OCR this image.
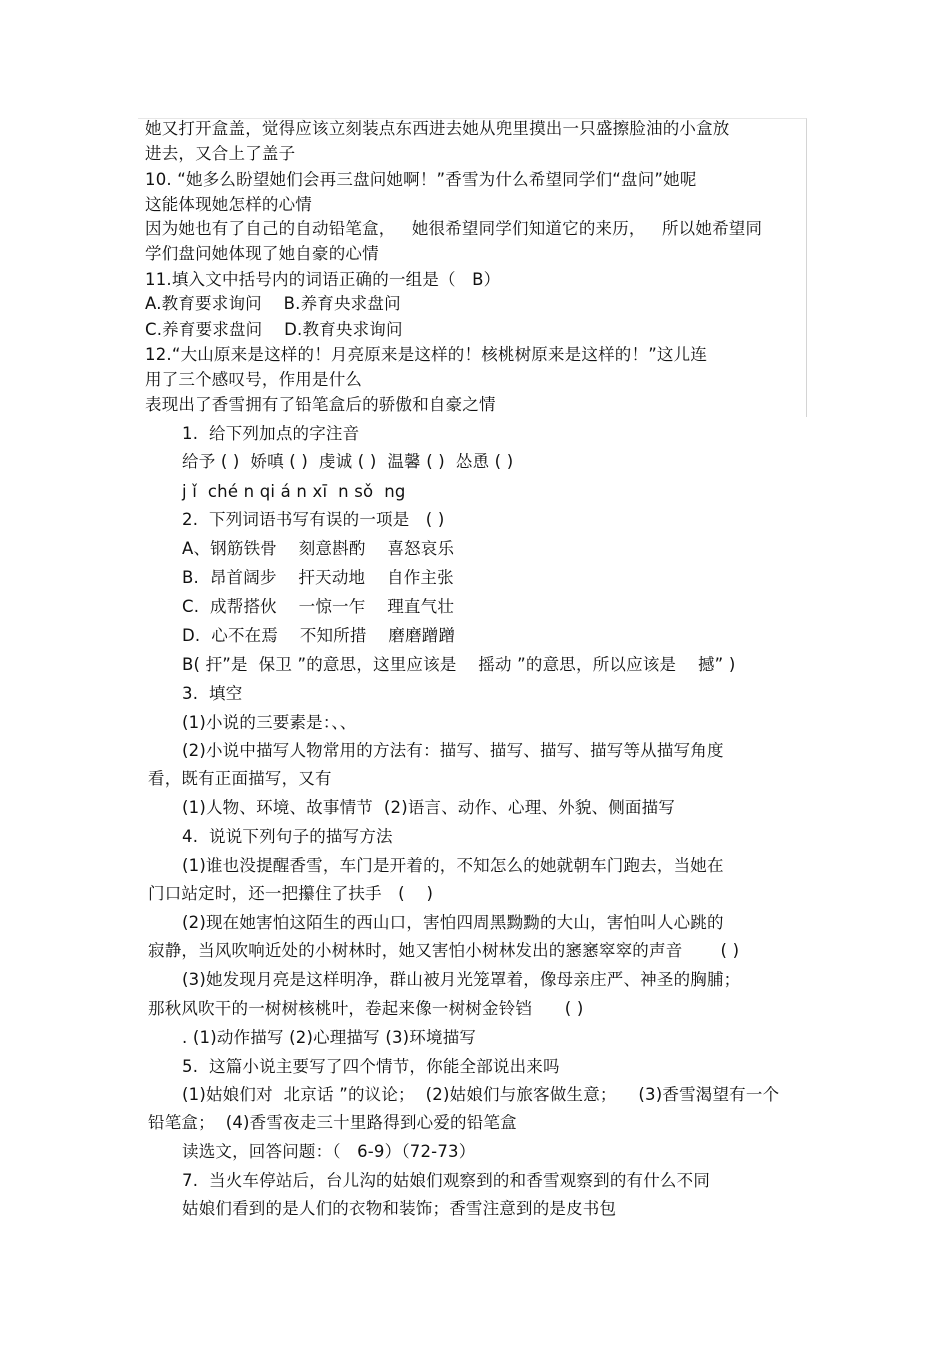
她又打开盒盖，觉得应该立刻装点东西进去她从兜里摸出一只盛擦脸油的小盒放
进去，又合上了盖子
10. “她多么盼望她们会再三盘问她啊！”香雪为什么希望同学们“盘问”她呢
这能体现她怎样的心情
因为她也有了自己的自动铅笔盒，   她很希望同学们知道它的来历，   所以她希望同
学们盘问她体现了她自豪的心情
11.填入文中括号内的词语正确的一组是（   B）
A.教育要求询问    B.养育央求盘问
C.养育要求盘问    D.教育央求询问
12.“大山原来是这样的！月亮原来是这样的！核桃树原来是这样的！”这儿连
用了三个感叹号，作用是什么
表现出了香雪拥有了铅笔盒后的骄傲和自豪之情
1.  给下列加点的字注音
给予 ( )  娇嗔 ( )  虔诚 ( )  温馨 ( )  怂恿 ( )
j ǐ  ché n qi á n xī  n sǒ  ng
2.  下列词语书写有误的一项是   ( )
A、钢筋铁骨    刻意斟酌    喜怒哀乐
B.  昂首阔步    扞天动地    自作主张
C.  成帮搭伙    一惊一乍    理直气壮
D.  心不在焉    不知所措    磨磨蹭蹭
B( 扞”是  保卫 ”的意思，这里应该是    摇动 ”的意思，所以应该是    撼” )
3.  填空
(1)小说的三要素是：、、
(2)小说中描写人物常用的方法有：描写、描写、描写、描写等从描写角度
看，既有正面描写，又有
(1)人物、环境、故事情节  (2)语言、动作、心理、外貌、侧面描写
4.  说说下列句子的描写方法
(1)谁也没提醒香雪，车门是开着的，不知怎么的她就朝车门跑去，当她在
门口站定时，还一把攥住了扶手   (    )
(2)现在她害怕这陌生的西山口，害怕四周黑黝黝的大山，害怕叫人心跳的
寂静，当风吹响近处的小树林时，她又害怕小树林发出的窸窸窣窣的声音       ( )
(3)她发现月亮是这样明净，群山被月光笼罩着，像母亲庄严、神圣的胸脯；
那秋风吹干的一树树核桃叶，卷起来像一树树金铃铛      ( )
. (1)动作描写 (2)心理描写 (3)环境描写
5.  这篇小说主要写了四个情节，你能全部说出来吗
(1)姑娘们对  北京话 ”的议论；  (2)姑娘们与旅客做生意；    (3)香雪渴望有一个
铅笔盒；  (4)香雪夜走三十里路得到心爱的铅笔盒
读选文，回答问题：（   6-9）（72-73）
7.  当火车停站后，台儿沟的姑娘们观察到的和香雪观察到的有什么不同
姑娘们看到的是人们的衣物和装饰；香雪注意到的是皮书包
